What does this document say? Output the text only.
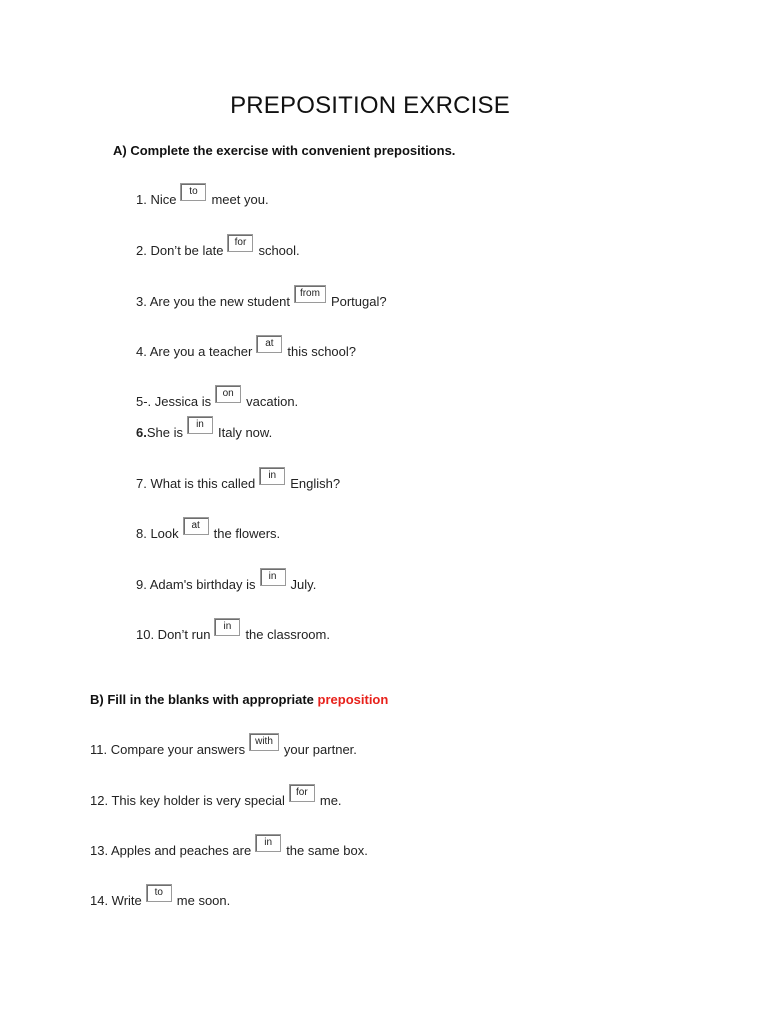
PREPOSITION EXRCISE
A) Complete the exercise with convenient prepositions.
1. Nicetomeet you.
2. Don’t be lateforschool.
3. Are you the new studentfromPortugal?
4. Are you a teacheratthis school?
5-. Jessica isonvacation.
6.She isinItaly now.
7. What is this calledinEnglish?
8. Lookatthe flowers.
9. Adam's birthday isinJuly.
10. Don’t runinthe classroom.
B) Fill in the blanks with appropriate preposition
11. Compare your answerswithyour partner.
12. This key holder is very specialforme.
13. Apples and peaches areinthe same box.
14. Writetome soon.
